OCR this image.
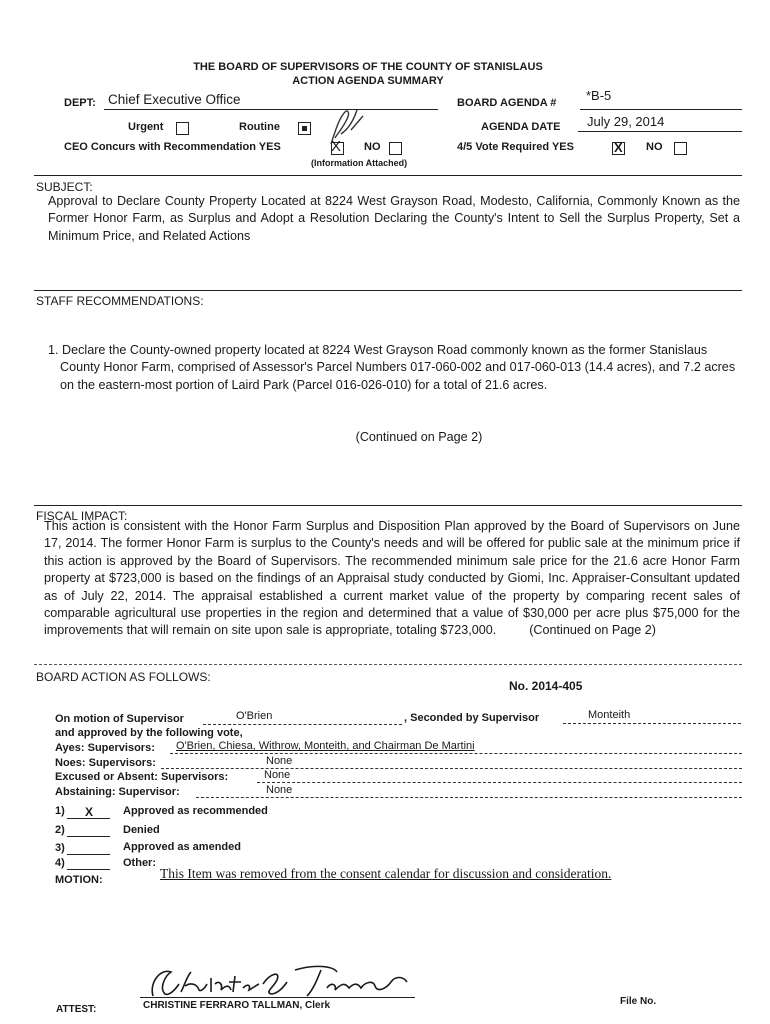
THE BOARD OF SUPERVISORS OF THE COUNTY OF STANISLAUS
ACTION AGENDA SUMMARY
DEPT: Chief Executive Office	BOARD AGENDA # *B-5
Urgent	Routine	AGENDA DATE July 29, 2014
CEO Concurs with Recommendation YES	X NO
(Information Attached)
4/5 Vote Required YES	X NO
SUBJECT:
Approval to Declare County Property Located at 8224 West Grayson Road, Modesto, California, Commonly Known as the Former Honor Farm, as Surplus and Adopt a Resolution Declaring the County's Intent to Sell the Surplus Property, Set a Minimum Price, and Related Actions
STAFF RECOMMENDATIONS:
1. Declare the County-owned property located at 8224 West Grayson Road commonly known as the former Stanislaus County Honor Farm, comprised of Assessor's Parcel Numbers 017-060-002 and 017-060-013 (14.4 acres), and 7.2 acres on the eastern-most portion of Laird Park (Parcel 016-026-010) for a total of 21.6 acres.
(Continued on Page 2)
FISCAL IMPACT:
This action is consistent with the Honor Farm Surplus and Disposition Plan approved by the Board of Supervisors on June 17, 2014. The former Honor Farm is surplus to the County's needs and will be offered for public sale at the minimum price if this action is approved by the Board of Supervisors. The recommended minimum sale price for the 21.6 acre Honor Farm property at $723,000 is based on the findings of an Appraisal study conducted by Giomi, Inc. Appraiser-Consultant updated as of July 22, 2014. The appraisal established a current market value of the property by comparing recent sales of comparable agricultural use properties in the region and determined that a value of $30,000 per acre plus $75,000 for the improvements that will remain on site upon sale is appropriate, totaling $723,000.	(Continued on Page 2)
BOARD ACTION AS FOLLOWS:
No. 2014-405
On motion of Supervisor	O'Brien	, Seconded by Supervisor	Monteith
and approved by the following vote,
Ayes: Supervisors: O'Brien, Chiesa, Withrow, Monteith, and Chairman De Martini
Noes: Supervisors:	None
Excused or Absent: Supervisors:	None
Abstaining: Supervisor:	None
1) X	Approved as recommended
2)	Denied
3)	Approved as amended
4)	Other:
MOTION:	This Item was removed from the consent calendar for discussion and consideration.
ATTEST:	CHRISTINE FERRARO TALLMAN, Clerk	File No.
